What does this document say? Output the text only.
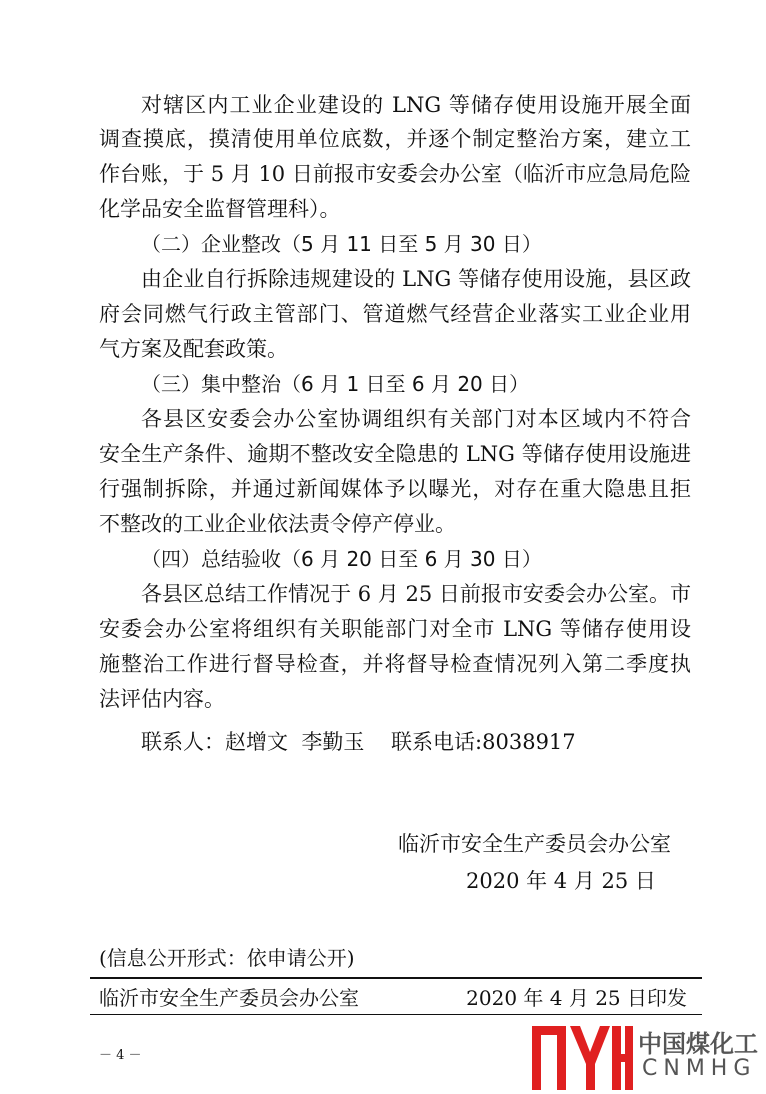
对辖区内工业企业建设的 LNG 等储存使用设施开展全面
调查摸底，摸清使用单位底数，并逐个制定整治方案，建立工
作台账，于 5 月 10 日前报市安委会办公室（临沂市应急局危险
化学品安全监督管理科）。
（二）企业整改（5 月 11 日至 5 月 30 日）
由企业自行拆除违规建设的 LNG 等储存使用设施，县区政
府会同燃气行政主管部门、管道燃气经营企业落实工业企业用
气方案及配套政策。
（三）集中整治（6 月 1 日至 6 月 20 日）
各县区安委会办公室协调组织有关部门对本区域内不符合
安全生产条件、逾期不整改安全隐患的 LNG 等储存使用设施进
行强制拆除，并通过新闻媒体予以曝光，对存在重大隐患且拒
不整改的工业企业依法责令停产停业。
（四）总结验收（6 月 20 日至 6 月 30 日）
各县区总结工作情况于 6 月 25 日前报市安委会办公室。市
安委会办公室将组织有关职能部门对全市 LNG 等储存使用设
施整治工作进行督导检查，并将督导检查情况列入第二季度执
法评估内容。
联系人：赵增文  李勤玉    联系电话:8038917
临沂市安全生产委员会办公室
2020 年 4 月 25 日
(信息公开形式：依申请公开)
临沂市安全生产委员会办公室	2020 年 4 月 25 日印发
－ 4 －	中国煤化工
CNMHG
